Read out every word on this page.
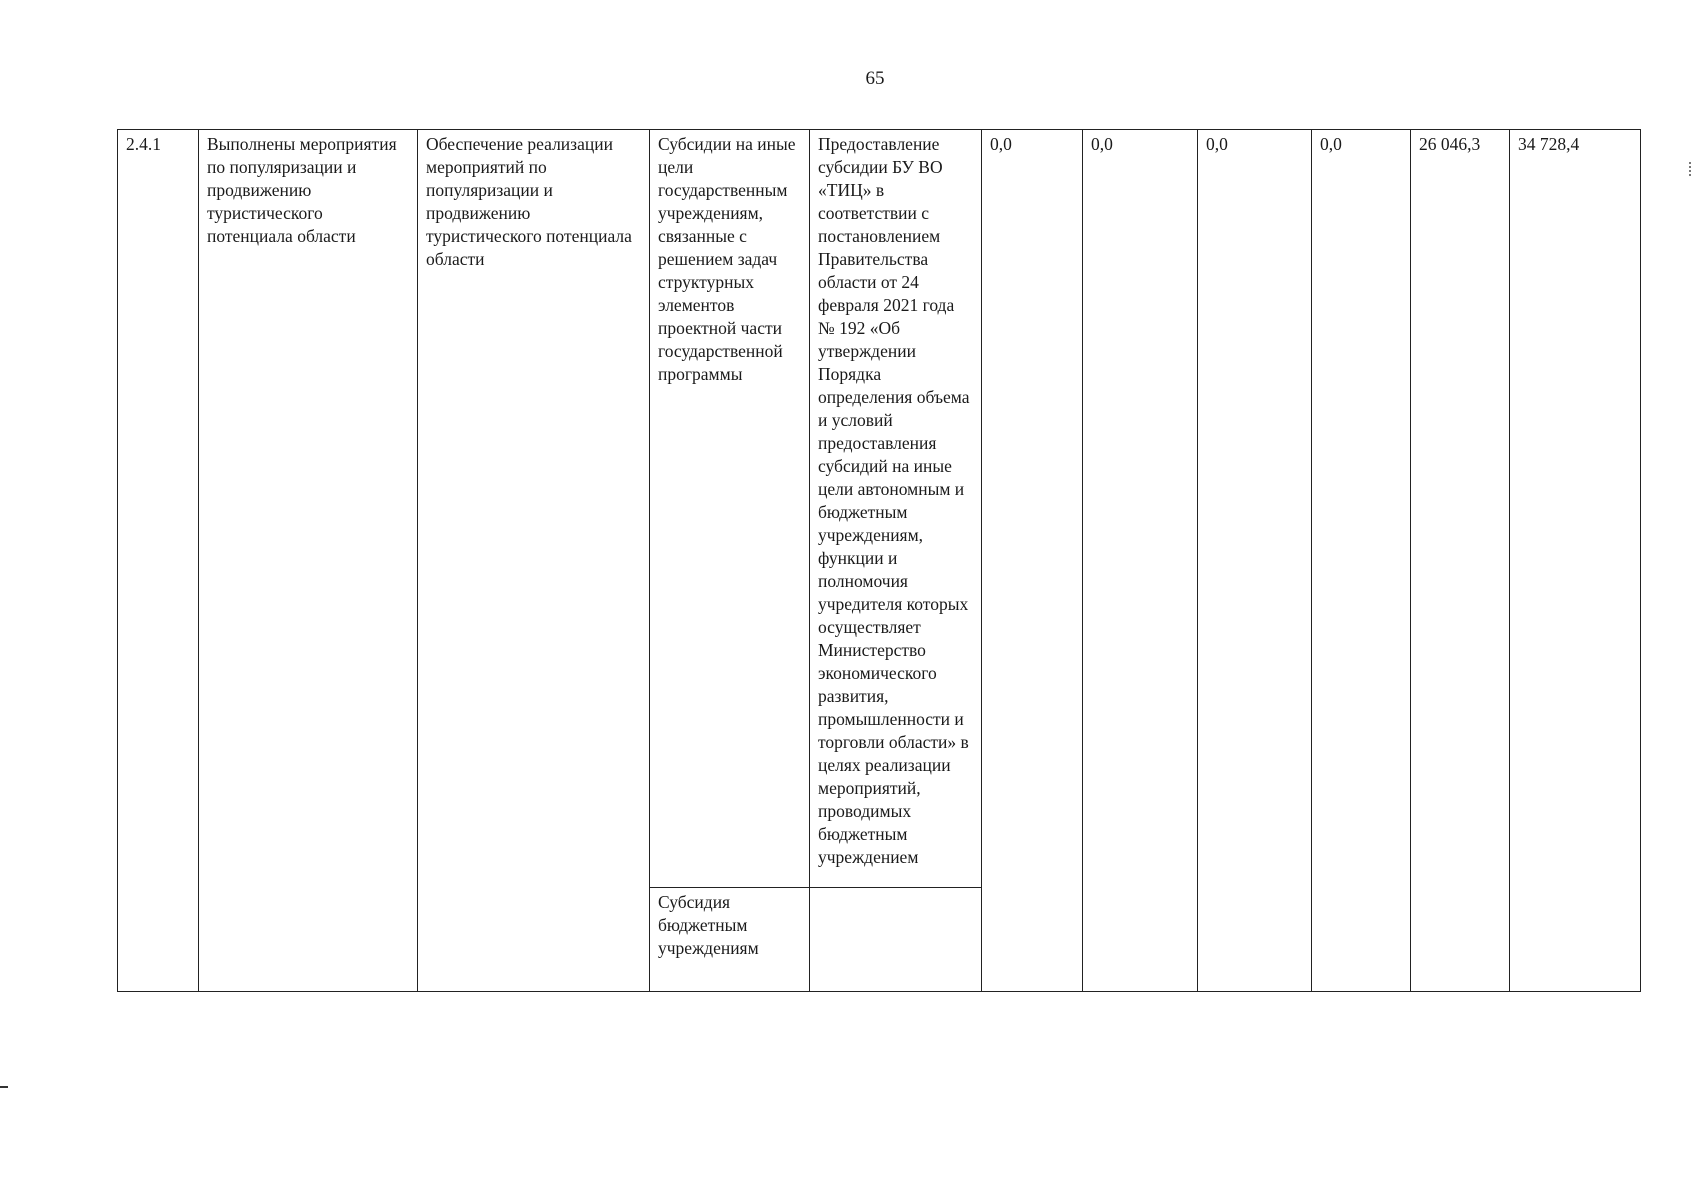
65
2.4.1	Выполнены мероприятия по популяризации и продвижению туристического потенциала области	Обеспечение реализации мероприятий по популяризации и продвижению туристического потенциала области	Субсидии на иные цели государственным учреждениям, связанные с решением задач структурных элементов проектной части государственной программы	Предоставление субсидии БУ ВО «ТИЦ» в соответствии с постановлением Правительства области от 24 февраля 2021 года № 192 «Об утверждении Порядка определения объема и условий предоставления субсидий на иные цели автономным и бюджетным учреждениям, функции и полномочия учредителя которых осуществляет Министерство экономического развития, промышленности и торговли области» в целях реализации мероприятий, проводимых бюджетным учреждением	0,0	0,0	0,0	0,0	26 046,3	34 728,4

			Субсидия бюджетным учреждениям							
